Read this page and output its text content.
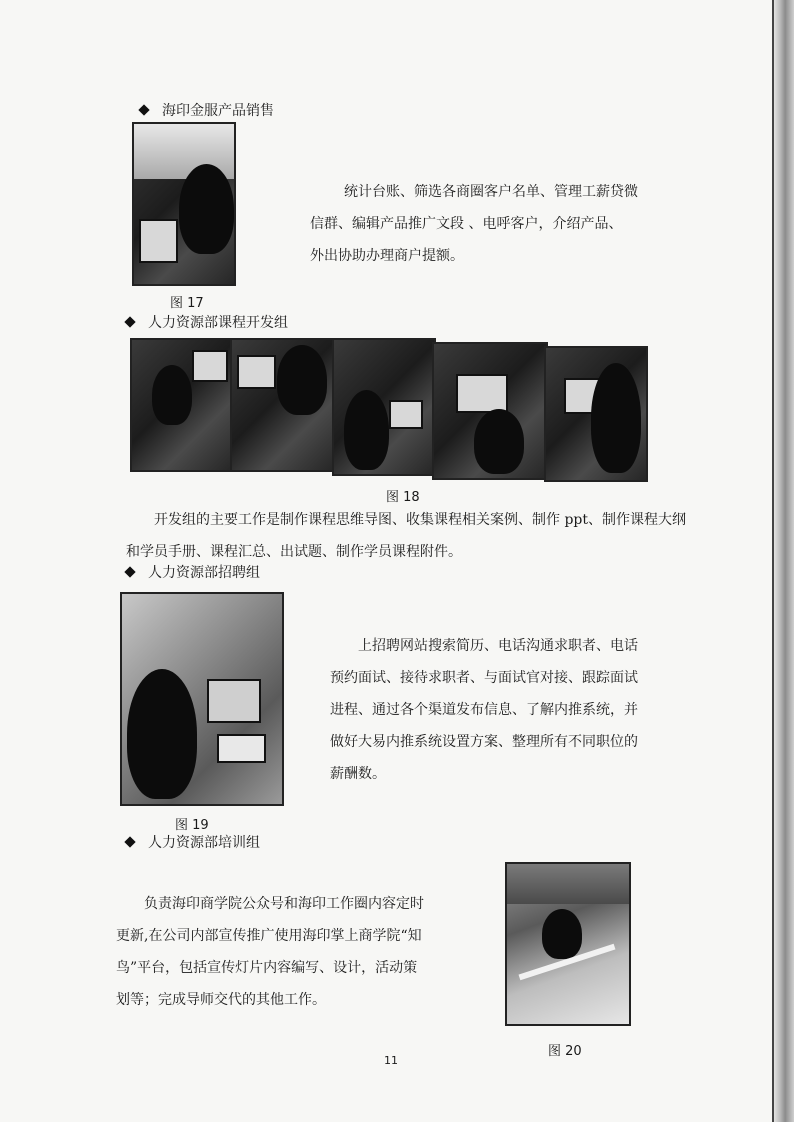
海印金服产品销售

统计台账、筛选各商圈客户名单、管理工薪贷微

信群、编辑产品推广文段 、电呼客户，介绍产品、

外出协助办理商户提额。

图 17
人力资源部课程开发组
图 18

开发组的主要工作是制作课程思维导图、收集课程相关案例、制作 ppt、制作课程大纲

和学员手册、课程汇总、出试题、制作学员课程附件。

人力资源部招聘组

上招聘网站搜索简历、电话沟通求职者、电话

预约面试、接待求职者、与面试官对接、跟踪面试

进程、通过各个渠道发布信息、了解内推系统，并

做好大易内推系统设置方案、整理所有不同职位的

薪酬数。

图 19
人力资源部培训组

负责海印商学院公众号和海印工作圈内容定时

更新,在公司内部宣传推广使用海印掌上商学院“知

鸟”平台，包括宣传灯片内容编写、设计，活动策

划等；完成导师交代的其他工作。

图 20
11
